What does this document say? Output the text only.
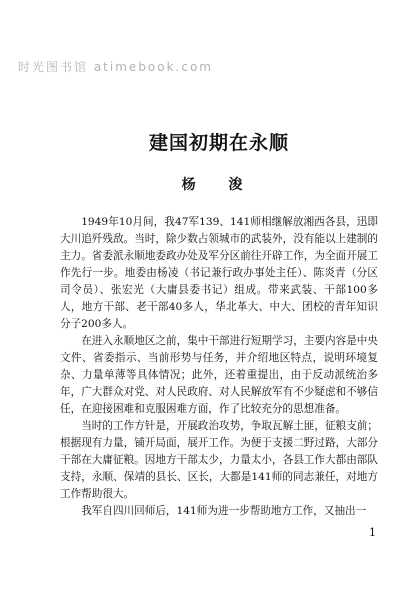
时光图书馆 atimebook.com
建国初期在永顺
杨 浚

1949年10月间，我47军139、141师相继解放湘西各县，迅即大川追歼残敌。当时，除少数占领城市的武装外，没有能以上建制的主力。省委派永顺地委政办处及军分区前往开辟工作，为全面开展工作先行一步。地委由杨凌（书记兼行政办事处主任）、陈炎青（分区司令员）、张宏光（大庸县委书记）组成。带来武装、干部100多人，地方干部、老干部40多人，华北革大、中大、团校的青年知识分子200多人。

在进入永顺地区之前，集中干部进行短期学习，主要内容是中央文件、省委指示、当前形势与任务，并介绍地区特点，说明环境复杂、力量单薄等具体情况；此外，还着重提出，由于反动派统治多年，广大群众对党、对人民政府、对人民解放军有不少疑虑和不够信任，在迎接困难和克服困难方面，作了比较充分的思想准备。

当时的工作方针是，开展政治攻势，争取瓦解土匪，征粮支前；根据现有力量，铺开局面，展开工作。为便于支援二野过路，大部分干部在大庸征粮。因地方干部太少，力量太小，各县工作大都由部队支持，永顺、保靖的县长、区长，大都是141师的同志兼任，对地方工作帮助很大。

我军自四川回师后，141师为进一步帮助地方工作，又抽出一

1
